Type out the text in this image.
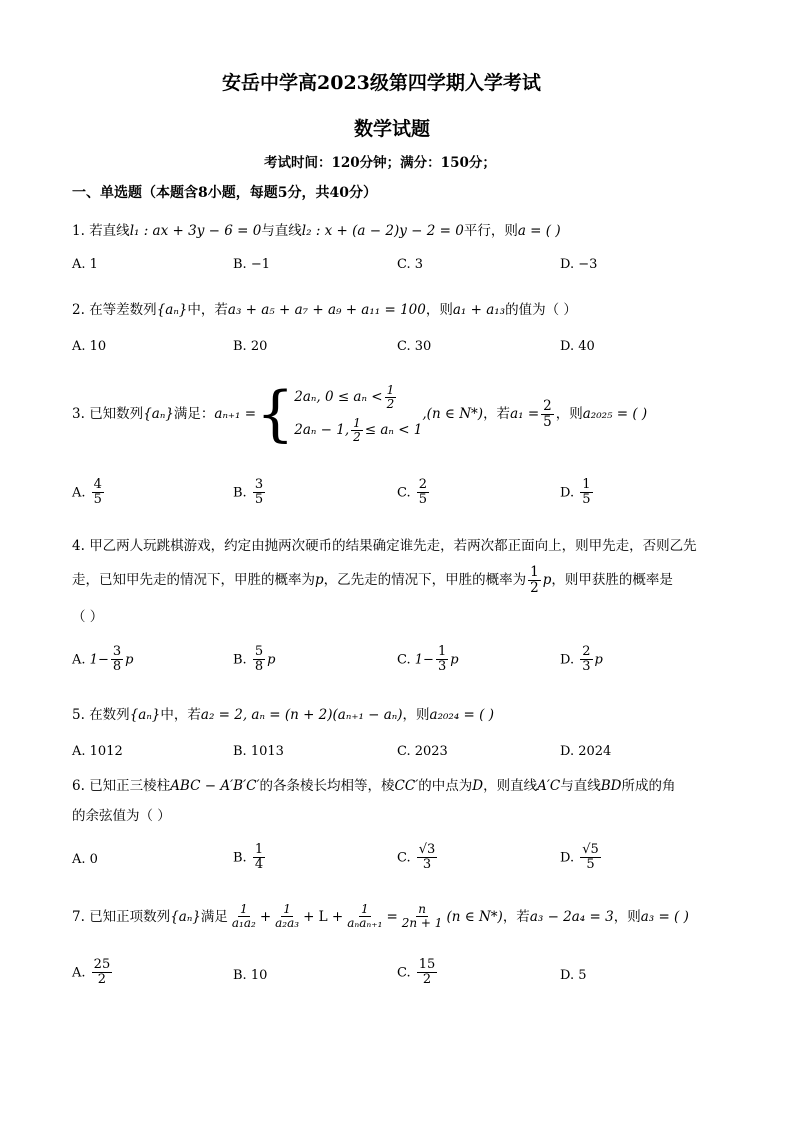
安岳中学高2023级第四学期入学考试
数学试题
考试时间：120分钟；满分：150分；
一、单选题（本题含8小题，每题5分，共40分）
1. 若直线l₁ : ax + 3y − 6 = 0与直线l₂ : x + (a − 2)y − 2 = 0平行，则a = ( )
A. 1	B. −1	C. 3	D. −3
2. 在等差数列{aₙ}中，若a₃ + a₅ + a₇ + a₉ + a₁₁ = 100，则a₁ + a₁₃的值为（ ）
A. 10	B. 20	C. 30	D. 40
3.
已知数列 {aₙ} 满足： aₙ₊₁ = { 2aₙ, $0 \le a_n < \frac{1}{2}$
2aₙ − 1, $\frac{1}{2} \le a_n < 1$
,(n ∈ N*) ，若 $a_1 = \frac{2}{5}$ ，则 a₂₀₂₅ = ( )
A. $\frac{4}{5}$	B. $\frac{3}{5}$	C. $\frac{2}{5}$	D. $\frac{1}{5}$
4. 甲乙两人玩跳棋游戏，约定由抛两次硬币的结果确定谁先走，若两次都正面向上，则甲先走，否则乙先
走，已知甲先走的情况下，甲胜的概率为 p ，乙先走的情况下，甲胜的概率为 $\frac{1}{2}$ p ，则甲获胜的概率是
（ ）
A. $1- \frac{3}{8}$ p	B. $\frac{5}{8}$ p	C. $1- \frac{1}{3}$ p	D. $\frac{2}{3}$ p
5. 在数列{aₙ}中，若a₂ = 2, aₙ = (n + 2)(aₙ₊₁ − aₙ)，则a₂₀₂₄ = ( )
A. 1012	B. 1013	C. 2023	D. 2024
6. 已知正三棱柱ABC − A′B′C′的各条棱长均相等，棱CC′的中点为D，则直线A′C与直线BD所成的角
的余弦值为（ ）
A. 0	B. $\frac{1}{4}$	C. $\frac{√3}{3}$	D. $\frac{√5}{5}$
7.
已知正项数列 {aₙ} 满足 $\frac{1}{\text{a₁a₂}} + \frac{1}{\text{a₂a₃}} + L + \frac{1}{\text{aₙaₙ₊₁}} = \frac{n}{2n + 1} (n$ ∈ N*) ，若 a₃ − 2a₄ = 3 ，则 a₃ = ( )
A. $\frac{25}{2}$	B. 10	C. $\frac{15}{2}$	D. 5
